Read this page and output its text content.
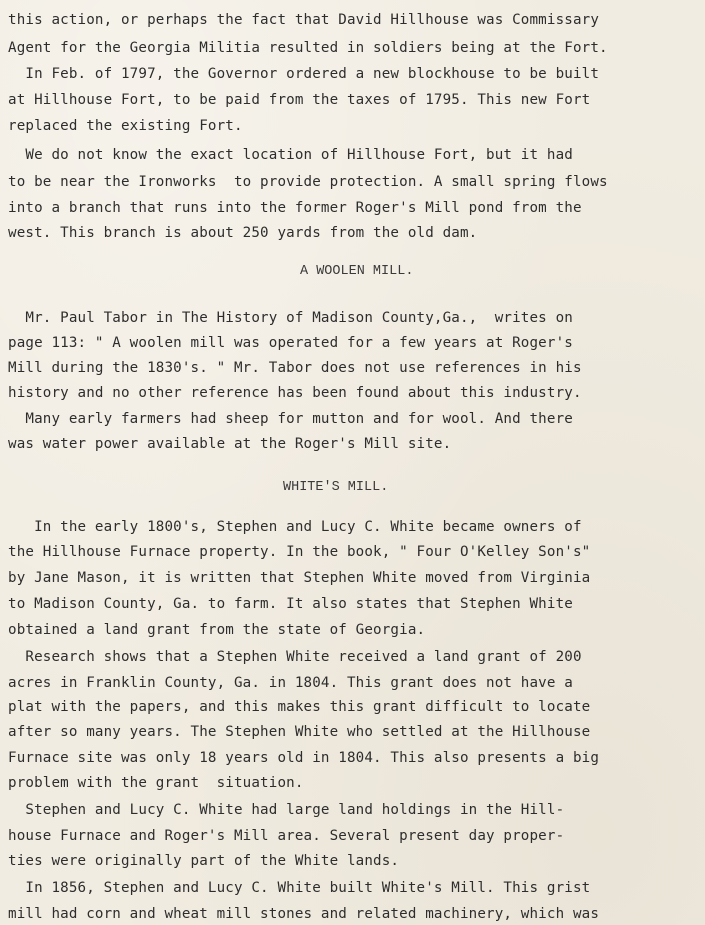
this action, or perhaps the fact that David Hillhouse was Commissary
Agent for the Georgia Militia resulted in soldiers being at the Fort.
In Feb. of 1797, the Governor ordered a new blockhouse to be built
at Hillhouse Fort, to be paid from the taxes of 1795. This new Fort
replaced the existing Fort.
We do not know the exact location of Hillhouse Fort, but it had
to be near the Ironworks  to provide protection. A small spring flows
into a branch that runs into the former Roger's Mill pond from the
west. This branch is about 250 yards from the old dam.
A WOOLEN MILL.
Mr. Paul Tabor in The History of Madison County,Ga.,  writes on
page 113: " A woolen mill was operated for a few years at Roger's
Mill during the 1830's. " Mr. Tabor does not use references in his
history and no other reference has been found about this industry.
Many early farmers had sheep for mutton and for wool. And there
was water power available at the Roger's Mill site.
WHITE'S MILL.
In the early 1800's, Stephen and Lucy C. White became owners of
the Hillhouse Furnace property. In the book, " Four O'Kelley Son's"
by Jane Mason, it is written that Stephen White moved from Virginia
to Madison County, Ga. to farm. It also states that Stephen White
obtained a land grant from the state of Georgia.
Research shows that a Stephen White received a land grant of 200
acres in Franklin County, Ga. in 1804. This grant does not have a
plat with the papers, and this makes this grant difficult to locate
after so many years. The Stephen White who settled at the Hillhouse
Furnace site was only 18 years old in 1804. This also presents a big
problem with the grant  situation.
Stephen and Lucy C. White had large land holdings in the Hill-
house Furnace and Roger's Mill area. Several present day proper-
ties were originally part of the White lands.
In 1856, Stephen and Lucy C. White built White's Mill. This grist
mill had corn and wheat mill stones and related machinery, which was
